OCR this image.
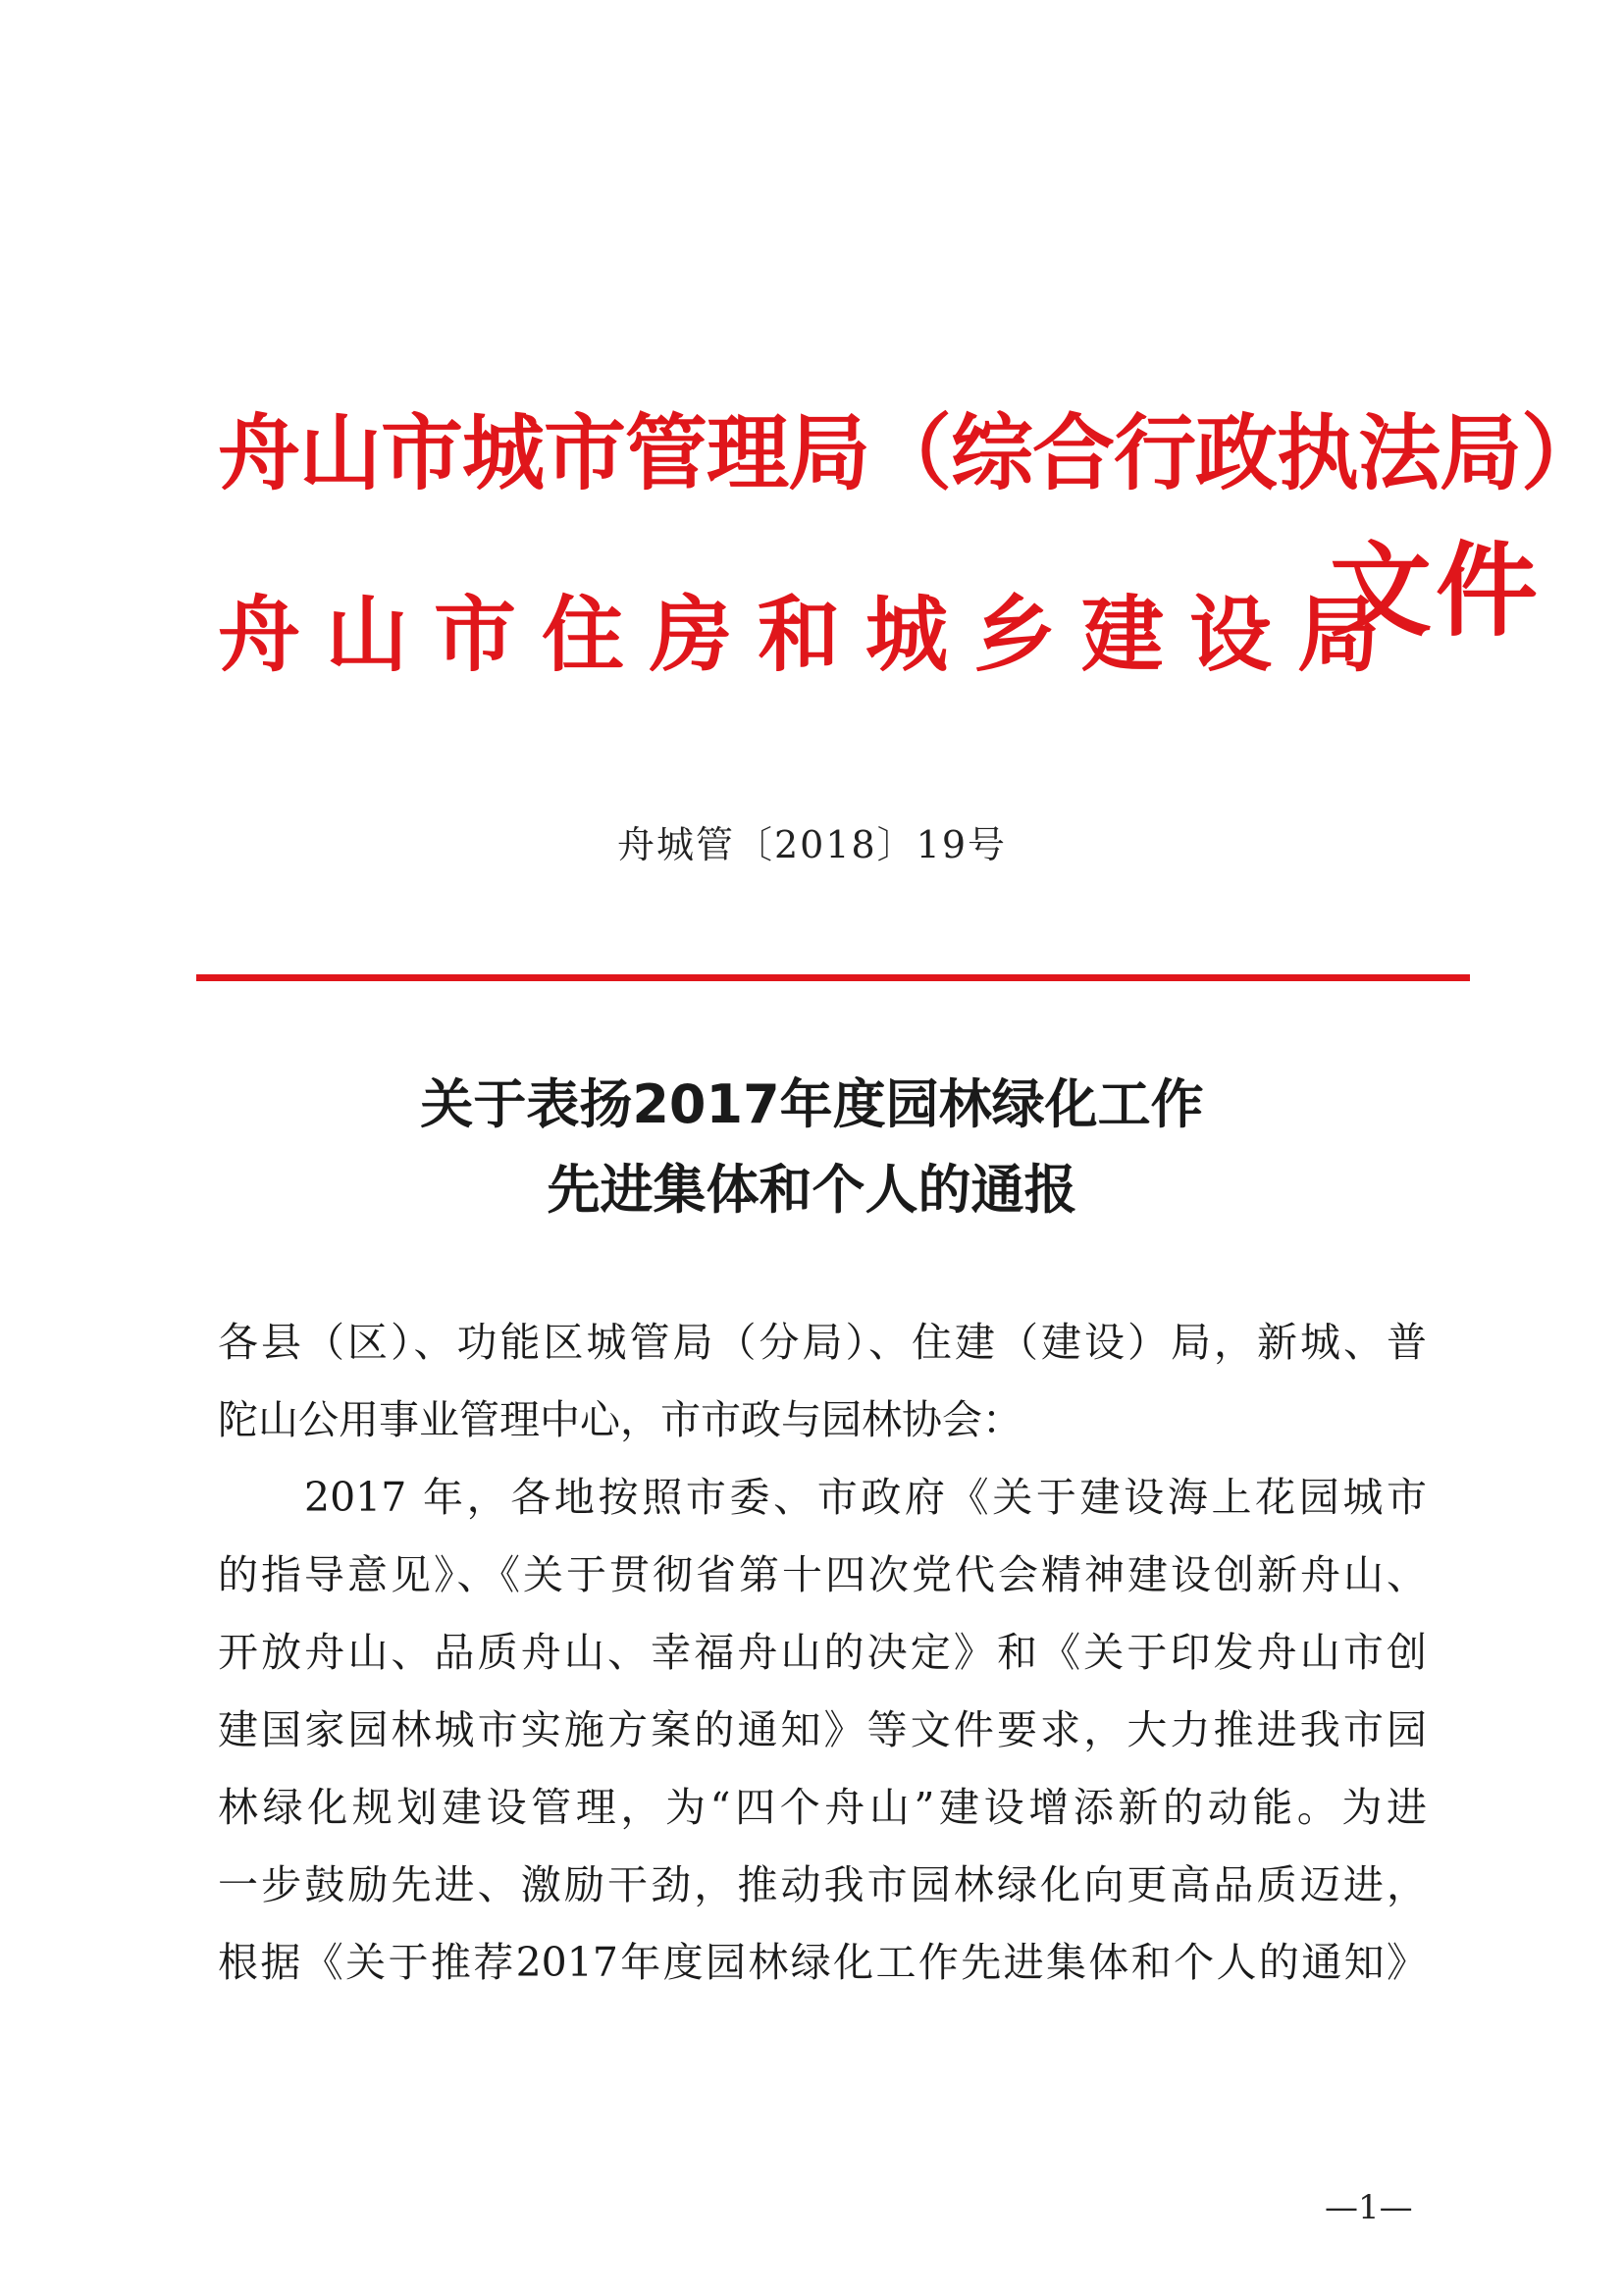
舟山市城市管理局（综合行政执法局）
舟山市住房和城乡建设局
文件
舟城管〔2018〕19号
关于表扬2017年度园林绿化工作
先进集体和个人的通报
各县（区）、功能区城管局（分局）、住建（建设）局，新城、普
陀山公用事业管理中心，市市政与园林协会：
2017 年，各地按照市委、市政府《关于建设海上花园城市
的指导意见》、《关于贯彻省第十四次党代会精神建设创新舟山、
开放舟山、品质舟山、幸福舟山的决定》和《关于印发舟山市创
建国家园林城市实施方案的通知》等文件要求，大力推进我市园
林绿化规划建设管理，为“四个舟山”建设增添新的动能。为进
一步鼓励先进、激励干劲，推动我市园林绿化向更高品质迈进，
根据《关于推荐2017年度园林绿化工作先进集体和个人的通知》
—1—
